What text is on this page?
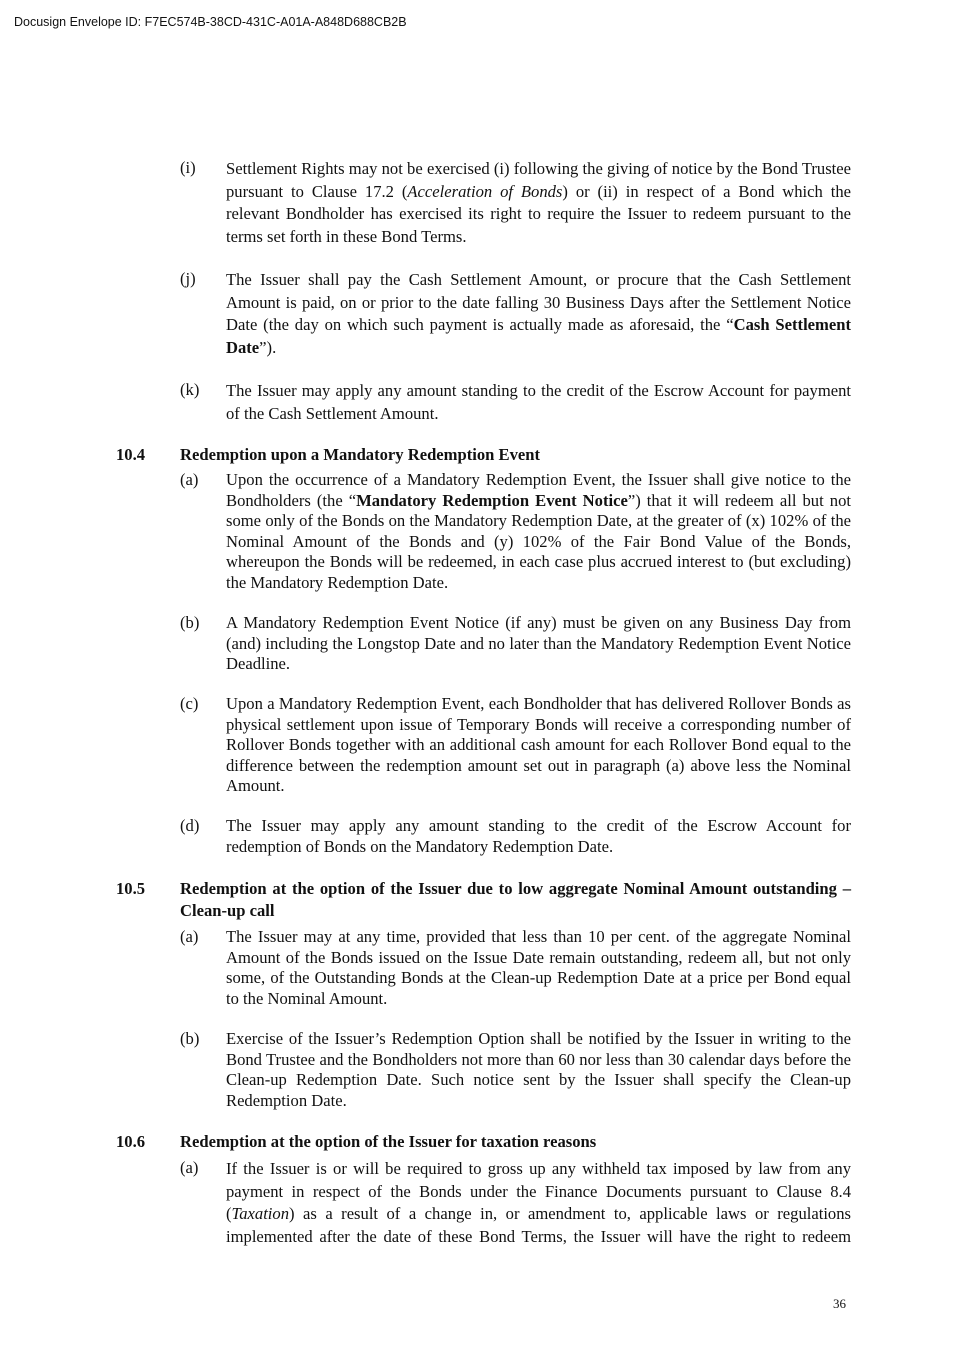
Docusign Envelope ID: F7EC574B-38CD-431C-A01A-A848D688CB2B
(i) Settlement Rights may not be exercised (i) following the giving of notice by the Bond Trustee pursuant to Clause 17.2 (Acceleration of Bonds) or (ii) in respect of a Bond which the relevant Bondholder has exercised its right to require the Issuer to redeem pursuant to the terms set forth in these Bond Terms.
(j) The Issuer shall pay the Cash Settlement Amount, or procure that the Cash Settlement Amount is paid, on or prior to the date falling 30 Business Days after the Settlement Notice Date (the day on which such payment is actually made as aforesaid, the “Cash Settlement Date”).
(k) The Issuer may apply any amount standing to the credit of the Escrow Account for payment of the Cash Settlement Amount.
10.4 Redemption upon a Mandatory Redemption Event
(a) Upon the occurrence of a Mandatory Redemption Event, the Issuer shall give notice to the Bondholders (the “Mandatory Redemption Event Notice”) that it will redeem all but not some only of the Bonds on the Mandatory Redemption Date, at the greater of (x) 102% of the Nominal Amount of the Bonds and (y) 102% of the Fair Bond Value of the Bonds, whereupon the Bonds will be redeemed, in each case plus accrued interest to (but excluding) the Mandatory Redemption Date.
(b) A Mandatory Redemption Event Notice (if any) must be given on any Business Day from (and) including the Longstop Date and no later than the Mandatory Redemption Event Notice Deadline.
(c) Upon a Mandatory Redemption Event, each Bondholder that has delivered Rollover Bonds as physical settlement upon issue of Temporary Bonds will receive a corresponding number of Rollover Bonds together with an additional cash amount for each Rollover Bond equal to the difference between the redemption amount set out in paragraph (a) above less the Nominal Amount.
(d) The Issuer may apply any amount standing to the credit of the Escrow Account for redemption of Bonds on the Mandatory Redemption Date.
10.5 Redemption at the option of the Issuer due to low aggregate Nominal Amount outstanding – Clean-up call
(a) The Issuer may at any time, provided that less than 10 per cent. of the aggregate Nominal Amount of the Bonds issued on the Issue Date remain outstanding, redeem all, but not only some, of the Outstanding Bonds at the Clean-up Redemption Date at a price per Bond equal to the Nominal Amount.
(b) Exercise of the Issuer’s Redemption Option shall be notified by the Issuer in writing to the Bond Trustee and the Bondholders not more than 60 nor less than 30 calendar days before the Clean-up Redemption Date. Such notice sent by the Issuer shall specify the Clean-up Redemption Date.
10.6 Redemption at the option of the Issuer for taxation reasons
(a) If the Issuer is or will be required to gross up any withheld tax imposed by law from any payment in respect of the Bonds under the Finance Documents pursuant to Clause 8.4 (Taxation) as a result of a change in, or amendment to, applicable laws or regulations implemented after the date of these Bond Terms, the Issuer will have the right to redeem
36
